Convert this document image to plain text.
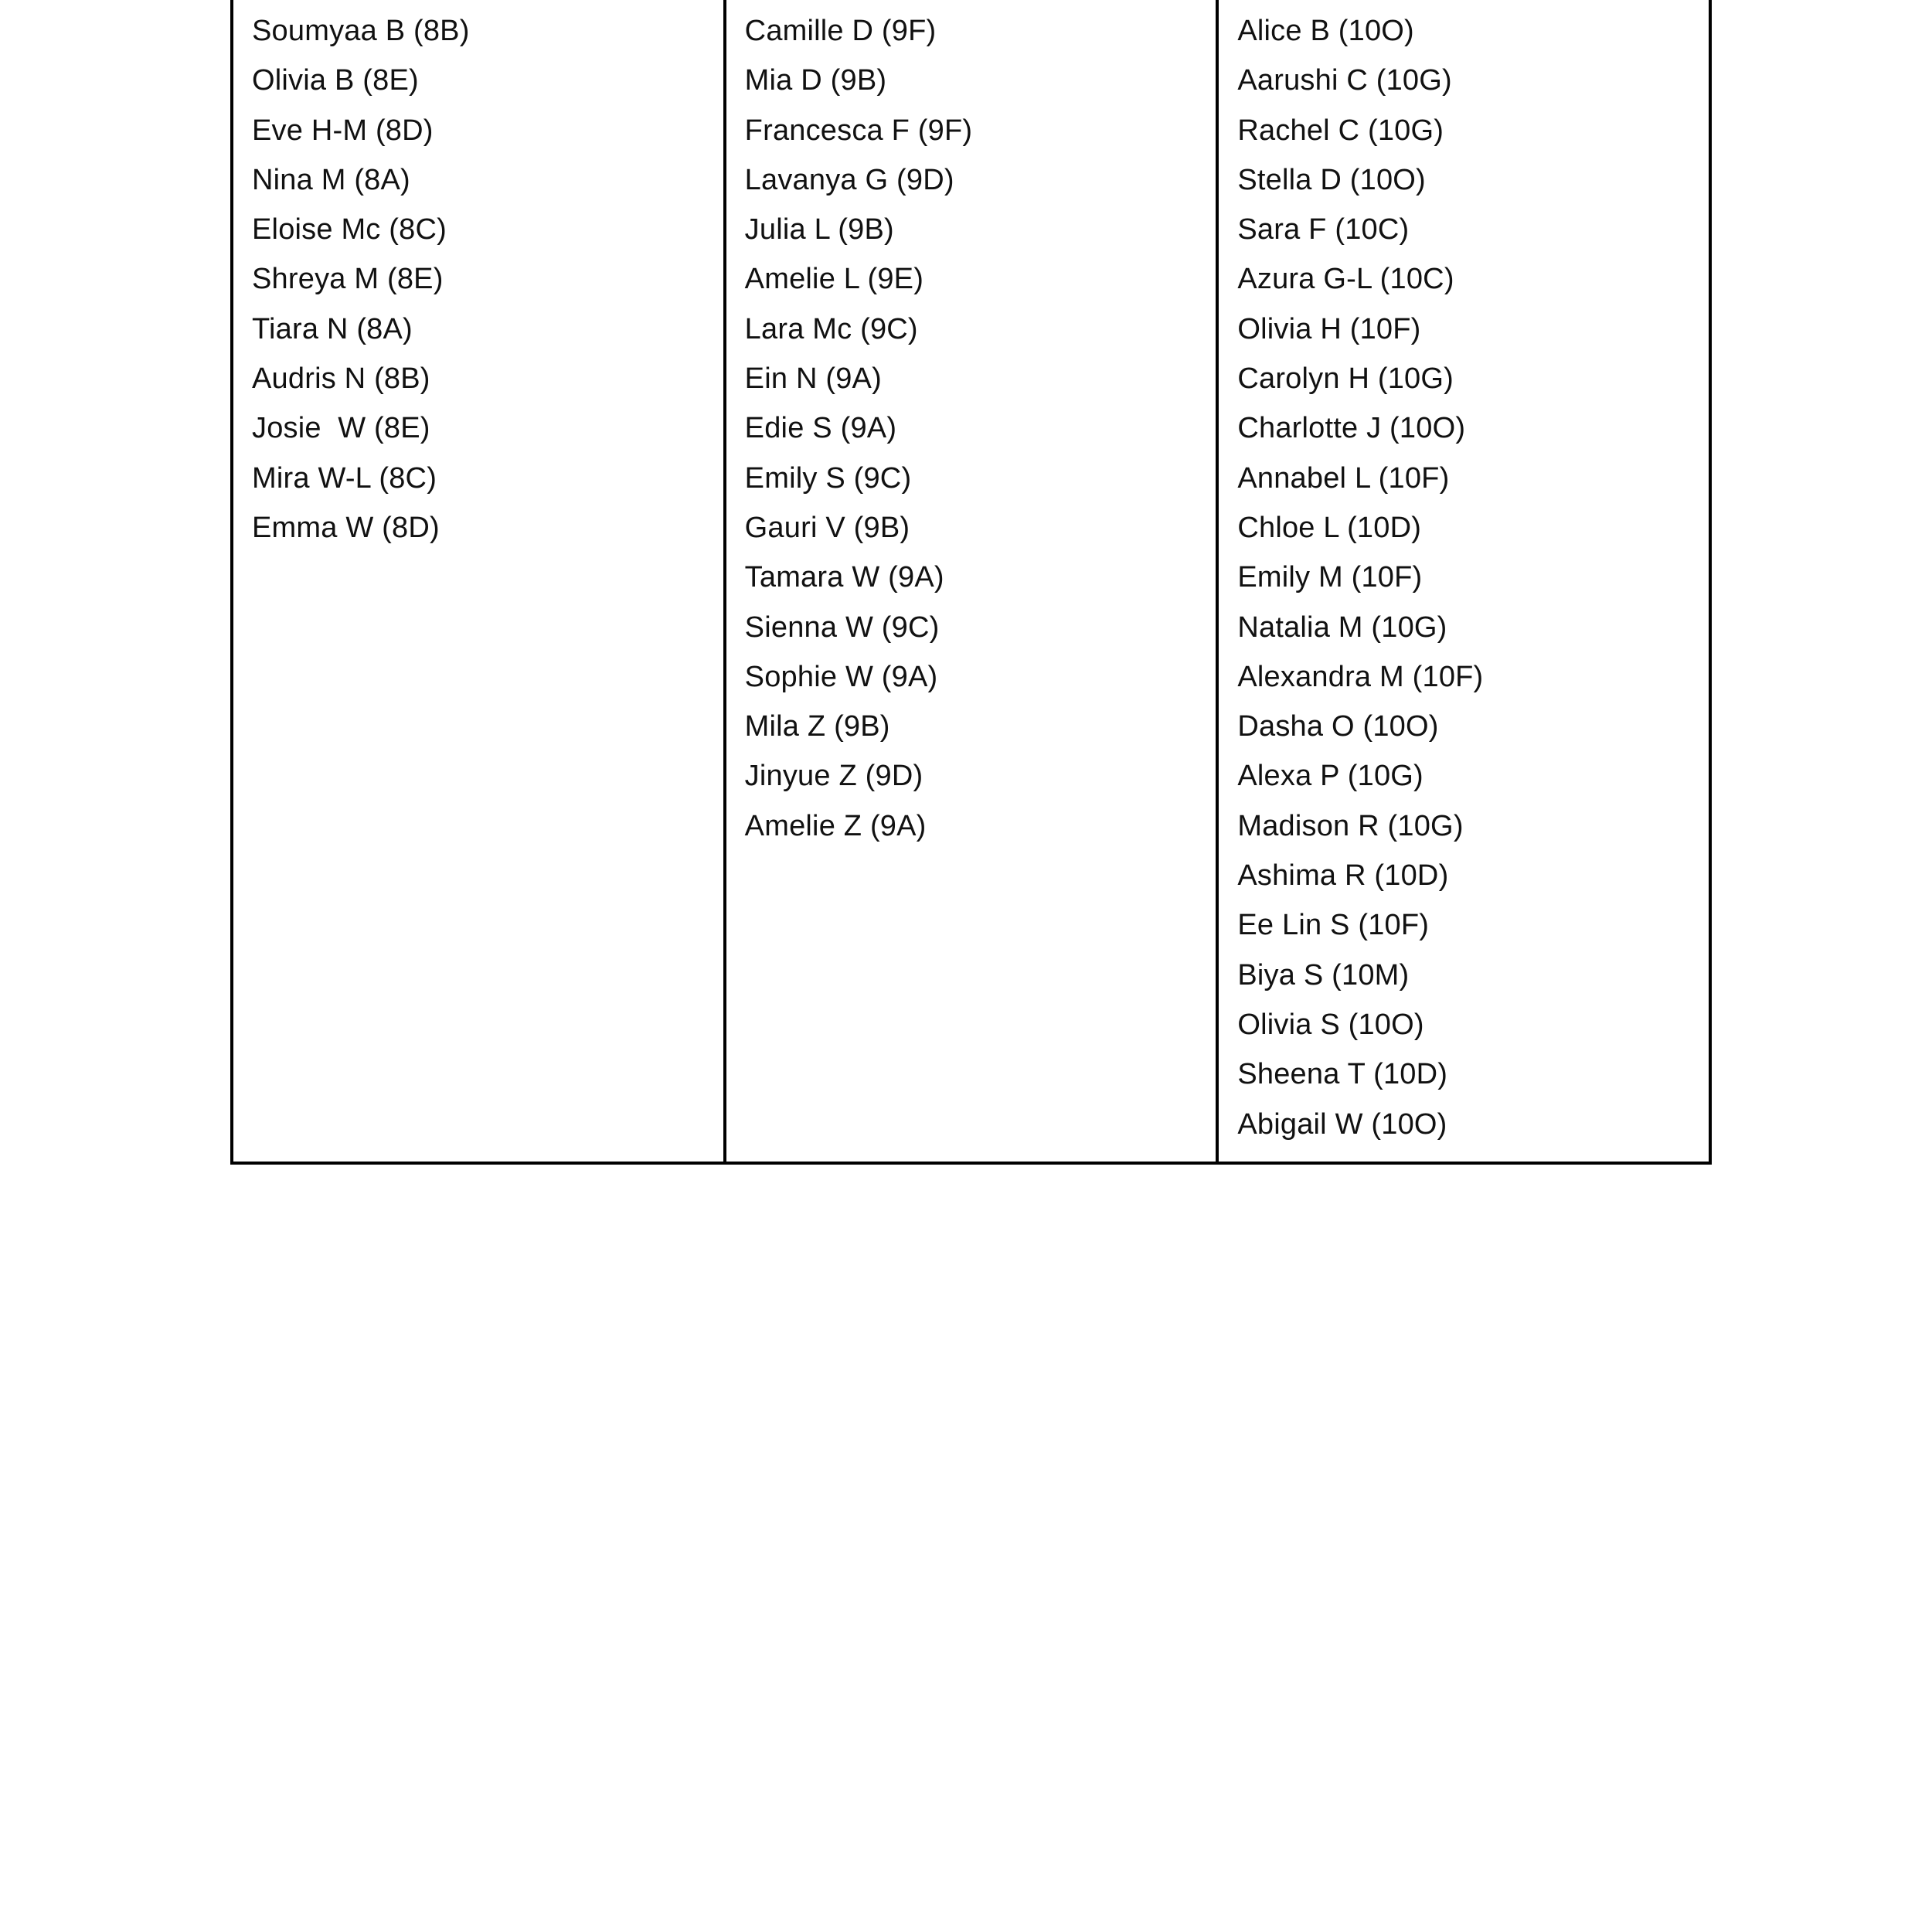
Soumyaa B (8B)
Olivia B (8E)
Eve H-M (8D)
Nina M (8A)
Eloise Mc (8C)
Shreya M (8E)
Tiara N (8A)
Audris N (8B)
Josie  W (8E)
Mira W-L (8C)
Emma W (8D)
Camille D (9F)
Mia D (9B)
Francesca F (9F)
Lavanya G (9D)
Julia L (9B)
Amelie L (9E)
Lara Mc (9C)
Ein N (9A)
Edie S (9A)
Emily S (9C)
Gauri V (9B)
Tamara W (9A)
Sienna W (9C)
Sophie W (9A)
Mila Z (9B)
Jinyue Z (9D)
Amelie Z (9A)
Alice B (10O)
Aarushi C (10G)
Rachel C (10G)
Stella D (10O)
Sara F (10C)
Azura G-L (10C)
Olivia H (10F)
Carolyn H (10G)
Charlotte J (10O)
Annabel L (10F)
Chloe L (10D)
Emily M (10F)
Natalia M (10G)
Alexandra M (10F)
Dasha O (10O)
Alexa P (10G)
Madison R (10G)
Ashima R (10D)
Ee Lin S (10F)
Biya S (10M)
Olivia S (10O)
Sheena T (10D)
Abigail W (10O)
